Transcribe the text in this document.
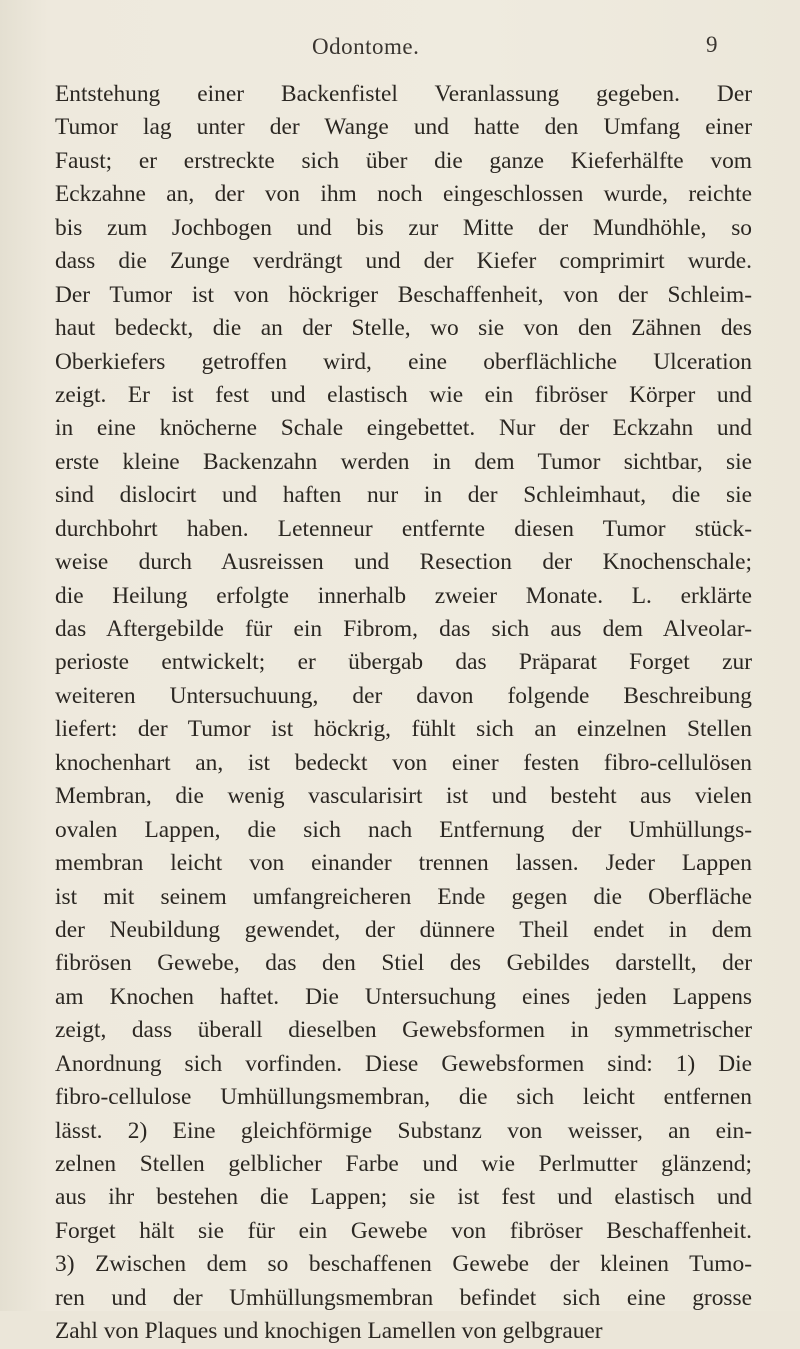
Odontome.	9
Entstehung einer Backenfistel Veranlassung gegeben. Der
Tumor lag unter der Wange und hatte den Umfang einer
Faust; er erstreckte sich über die ganze Kieferhälfte vom
Eckzahne an, der von ihm noch eingeschlossen wurde, reichte
bis zum Jochbogen und bis zur Mitte der Mundhöhle, so
dass die Zunge verdrängt und der Kiefer comprimirt wurde.
Der Tumor ist von höckriger Beschaffenheit, von der Schleim-
haut bedeckt, die an der Stelle, wo sie von den Zähnen des
Oberkiefers getroffen wird, eine oberflächliche Ulceration
zeigt. Er ist fest und elastisch wie ein fibröser Körper und
in eine knöcherne Schale eingebettet. Nur der Eckzahn und
erste kleine Backenzahn werden in dem Tumor sichtbar, sie
sind dislocirt und haften nur in der Schleimhaut, die sie
durchbohrt haben. Letenneur entfernte diesen Tumor stück-
weise durch Ausreissen und Resection der Knochenschale;
die Heilung erfolgte innerhalb zweier Monate. L. erklärte
das Aftergebilde für ein Fibrom, das sich aus dem Alveolar-
perioste entwickelt; er übergab das Präparat Forget zur
weiteren Untersuchuung, der davon folgende Beschreibung
liefert: der Tumor ist höckrig, fühlt sich an einzelnen Stellen
knochenhart an, ist bedeckt von einer festen fibro-cellulösen
Membran, die wenig vascularisirt ist und besteht aus vielen
ovalen Lappen, die sich nach Entfernung der Umhüllungs-
membran leicht von einander trennen lassen. Jeder Lappen
ist mit seinem umfangreicheren Ende gegen die Oberfläche
der Neubildung gewendet, der dünnere Theil endet in dem
fibrösen Gewebe, das den Stiel des Gebildes darstellt, der
am Knochen haftet. Die Untersuchung eines jeden Lappens
zeigt, dass überall dieselben Gewebsformen in symmetrischer
Anordnung sich vorfinden. Diese Gewebsformen sind: 1) Die
fibro-cellulose Umhüllungsmembran, die sich leicht entfernen
lässt. 2) Eine gleichförmige Substanz von weisser, an ein-
zelnen Stellen gelblicher Farbe und wie Perlmutter glänzend;
aus ihr bestehen die Lappen; sie ist fest und elastisch und
Forget hält sie für ein Gewebe von fibröser Beschaffenheit.
3) Zwischen dem so beschaffenen Gewebe der kleinen Tumo-
ren und der Umhüllungsmembran befindet sich eine grosse
Zahl von Plaques und knochigen Lamellen von gelbgrauer
